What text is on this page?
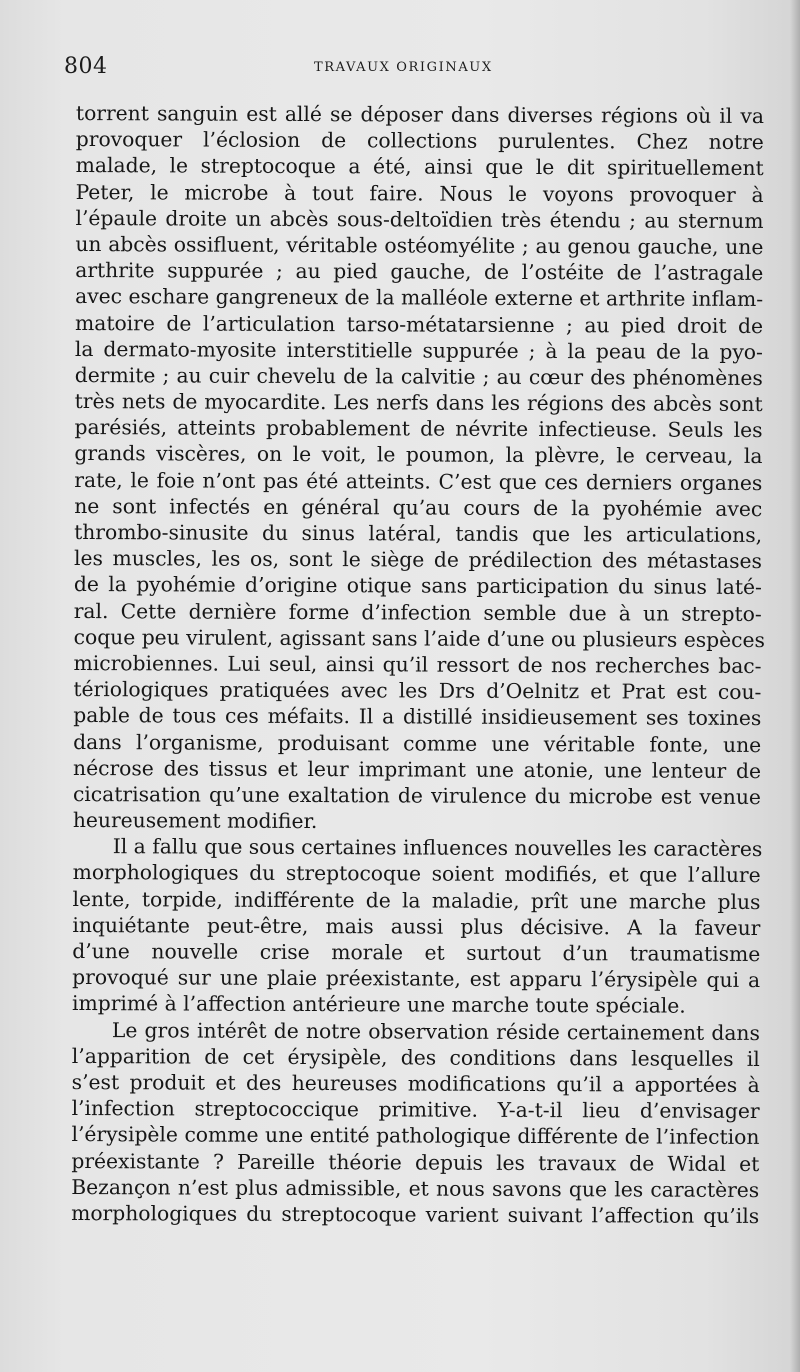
804	TRAVAUX ORIGINAUX
torrent sanguin est allé se déposer dans diverses régions où il va
provoquer l’éclosion de collections purulentes. Chez notre
malade, le streptocoque a été, ainsi que le dit spirituellement
Peter, le microbe à tout faire. Nous le voyons provoquer à
l’épaule droite un abcès sous-deltoïdien très étendu ; au sternum
un abcès ossifluent, véritable ostéomyélite ; au genou gauche, une
arthrite suppurée ; au pied gauche, de l’ostéite de l’astragale
avec eschare gangreneux de la malléole externe et arthrite inflam-
matoire de l’articulation tarso-métatarsienne ; au pied droit de
la dermato-myosite interstitielle suppurée ; à la peau de la pyo-
dermite ; au cuir chevelu de la calvitie ; au cœur des phénomènes
très nets de myocardite. Les nerfs dans les régions des abcès sont
parésiés, atteints probablement de névrite infectieuse. Seuls les
grands viscères, on le voit, le poumon, la plèvre, le cerveau, la
rate, le foie n’ont pas été atteints. C’est que ces derniers organes
ne sont infectés en général qu’au cours de la pyohémie avec
thrombo-sinusite du sinus latéral, tandis que les articulations,
les muscles, les os, sont le siège de prédilection des métastases
de la pyohémie d’origine otique sans participation du sinus laté-
ral. Cette dernière forme d’infection semble due à un strepto-
coque peu virulent, agissant sans l’aide d’une ou plusieurs espèces
microbiennes. Lui seul, ainsi qu’il ressort de nos recherches bac-
tériologiques pratiquées avec les Drs d’Oelnitz et Prat est cou-
pable de tous ces méfaits. Il a distillé insidieusement ses toxines
dans l’organisme, produisant comme une véritable fonte, une
nécrose des tissus et leur imprimant une atonie, une lenteur de
cicatrisation qu’une exaltation de virulence du microbe est venue
heureusement modifier.
Il a fallu que sous certaines influences nouvelles les caractères
morphologiques du streptocoque soient modifiés, et que l’allure
lente, torpide, indifférente de la maladie, prît une marche plus
inquiétante peut-être, mais aussi plus décisive. A la faveur
d’une nouvelle crise morale et surtout d’un traumatisme
provoqué sur une plaie préexistante, est apparu l’érysipèle qui a
imprimé à l’affection antérieure une marche toute spéciale.
Le gros intérêt de notre observation réside certainement dans
l’apparition de cet érysipèle, des conditions dans lesquelles il
s’est produit et des heureuses modifications qu’il a apportées à
l’infection streptococcique primitive. Y-a-t-il lieu d’envisager
l’érysipèle comme une entité pathologique différente de l’infection
préexistante ? Pareille théorie depuis les travaux de Widal et
Bezançon n’est plus admissible, et nous savons que les caractères
morphologiques du streptocoque varient suivant l’affection qu’ils
